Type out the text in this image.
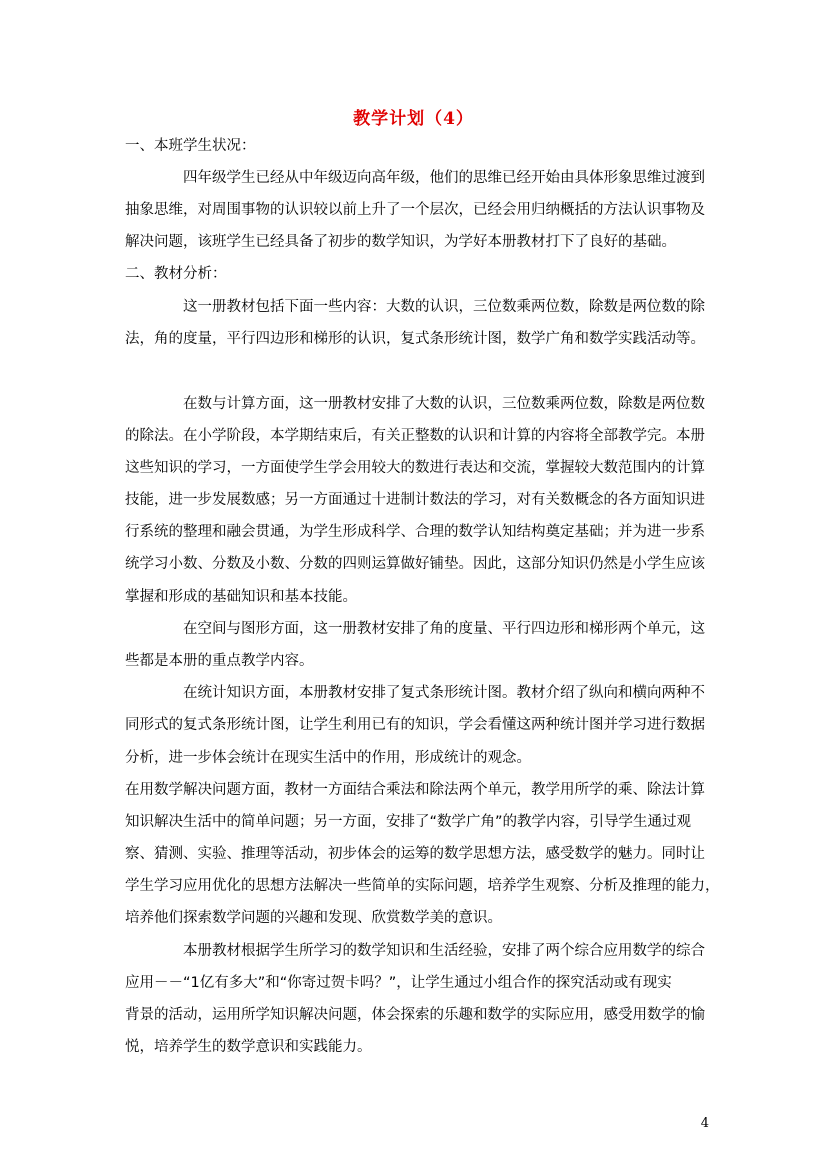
教学计划（4）
一、本班学生状况：
四年级学生已经从中年级迈向高年级，他们的思维已经开始由具体形象思维过渡到
抽象思维，对周围事物的认识较以前上升了一个层次，已经会用归纳概括的方法认识事物及
解决问题，该班学生已经具备了初步的数学知识，为学好本册教材打下了良好的基础。
二、教材分析：
这一册教材包括下面一些内容：大数的认识，三位数乘两位数，除数是两位数的除
法，角的度量，平行四边形和梯形的认识，复式条形统计图，数学广角和数学实践活动等。
在数与计算方面，这一册教材安排了大数的认识，三位数乘两位数，除数是两位数
的除法。在小学阶段，本学期结束后，有关正整数的认识和计算的内容将全部教学完。本册
这些知识的学习，一方面使学生学会用较大的数进行表达和交流，掌握较大数范围内的计算
技能，进一步发展数感；另一方面通过十进制计数法的学习，对有关数概念的各方面知识进
行系统的整理和融会贯通，为学生形成科学、合理的数学认知结构奠定基础；并为进一步系
统学习小数、分数及小数、分数的四则运算做好铺垫。因此，这部分知识仍然是小学生应该
掌握和形成的基础知识和基本技能。
在空间与图形方面，这一册教材安排了角的度量、平行四边形和梯形两个单元，这
些都是本册的重点教学内容。
在统计知识方面，本册教材安排了复式条形统计图。教材介绍了纵向和横向两种不
同形式的复式条形统计图，让学生利用已有的知识，学会看懂这两种统计图并学习进行数据
分析，进一步体会统计在现实生活中的作用，形成统计的观念。
在用数学解决问题方面，教材一方面结合乘法和除法两个单元，教学用所学的乘、除法计算
知识解决生活中的简单问题；另一方面，安排了“数学广角”的教学内容，引导学生通过观
察、猜测、实验、推理等活动，初步体会的运筹的数学思想方法，感受数学的魅力。同时让
学生学习应用优化的思想方法解决一些简单的实际问题，培养学生观察、分析及推理的能力，
培养他们探索数学问题的兴趣和发现、欣赏数学美的意识。
本册教材根据学生所学习的数学知识和生活经验，安排了两个综合应用数学的综合
应用－－“1亿有多大”和“你寄过贺卡吗？”，让学生通过小组合作的探究活动或有现实
背景的活动，运用所学知识解决问题，体会探索的乐趣和数学的实际应用，感受用数学的愉
悦，培养学生的数学意识和实践能力。
4
